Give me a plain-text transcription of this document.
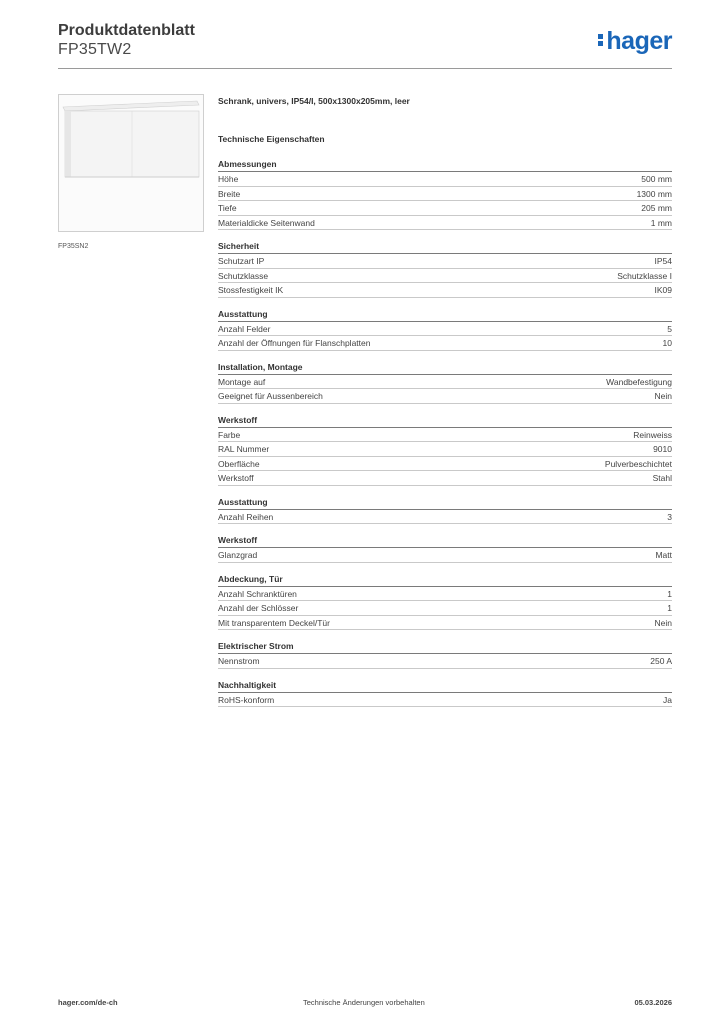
Produktdatenblatt
FP35TW2	hager
FP35SN2
Schrank, univers, IP54/I, 500x1300x205mm, leer
Technische Eigenschaften
Abmessungen
Höhe	500 mm
Breite	1300 mm
Tiefe	205 mm
Materialdicke Seitenwand	1 mm
Sicherheit
Schutzart IP	IP54
Schutzklasse	Schutzklasse I
Stossfestigkeit IK	IK09
Ausstattung
Anzahl Felder	5
Anzahl der Öffnungen für Flanschplatten	10
Installation, Montage
Montage auf	Wandbefestigung
Geeignet für Aussenbereich	Nein
Werkstoff
Farbe	Reinweiss
RAL Nummer	9010
Oberfläche	Pulverbeschichtet
Werkstoff	Stahl
Ausstattung
Anzahl Reihen	3
Werkstoff
Glanzgrad	Matt
Abdeckung, Tür
Anzahl Schranktüren	1
Anzahl der Schlösser	1
Mit transparentem Deckel/Tür	Nein
Elektrischer Strom
Nennstrom	250 A
Nachhaltigkeit
RoHS-konform	Ja
hager.com/de-ch	Technische Änderungen vorbehalten	05.03.2026
